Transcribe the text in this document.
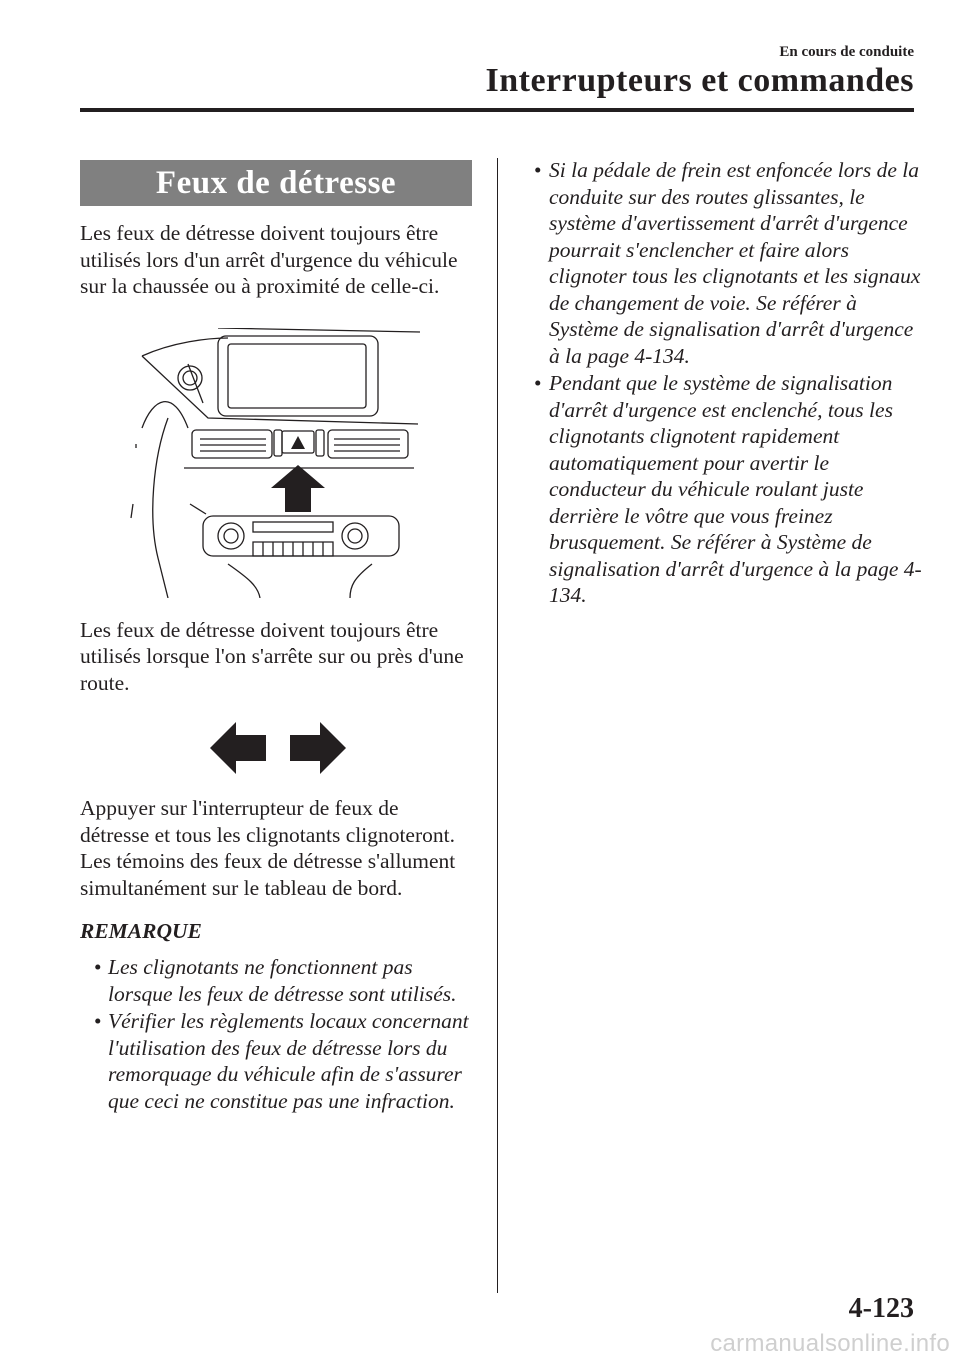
En cours de conduite
Interrupteurs et commandes
Feux de détresse

Les feux de détresse doivent toujours être utilisés lors d'un arrêt d'urgence du véhicule sur la chaussée ou à proximité de celle-ci.

Les feux de détresse doivent toujours être utilisés lorsque l'on s'arrête sur ou près d'une route.

Appuyer sur l'interrupteur de feux de détresse et tous les clignotants clignoteront. Les témoins des feux de détresse s'allument simultanément sur le tableau de bord.

REMARQUE
• Les clignotants ne fonctionnent pas lorsque les feux de détresse sont utilisés.
• Vérifier les règlements locaux concernant l'utilisation des feux de détresse lors du remorquage du véhicule afin de s'assurer que ceci ne constitue pas une infraction.
• Si la pédale de frein est enfoncée lors de la conduite sur des routes glissantes, le système d'avertissement d'arrêt d'urgence pourrait s'enclencher et faire alors clignoter tous les clignotants et les signaux de changement de voie. Se référer à Système de signalisation d'arrêt d'urgence à la page 4-134.
• Pendant que le système de signalisation d'arrêt d'urgence est enclenché, tous les clignotants clignotent rapidement automatiquement pour avertir le conducteur du véhicule roulant juste derrière le vôtre que vous freinez brusquement. Se référer à Système de signalisation d'arrêt d'urgence à la page 4-134.
4-123
carmanualsonline.info
